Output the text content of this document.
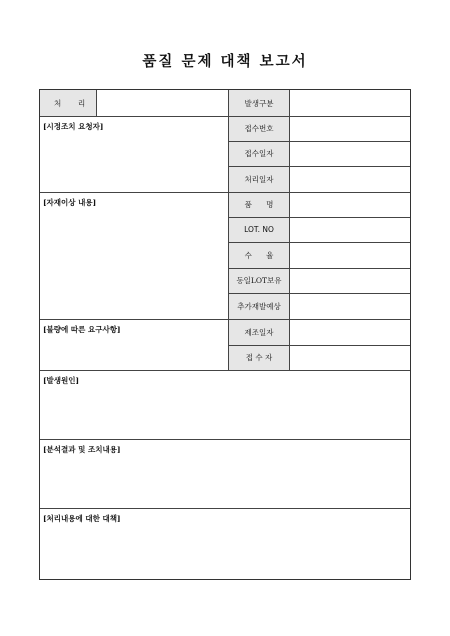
품질 문제 대책 보고서
처 리	발생구분
접수번호
접수일자
처리일자
품      명
LOT. NO
수      율
동일LOT보유
추가재발예상
제조일자
접 수 자
[시정조치 요청자]
[자재이상 내용]
[불량에 따른 요구사항]
[발생원인]
[분석결과 및 조치내용]
[처리내용에 대한 대책]
